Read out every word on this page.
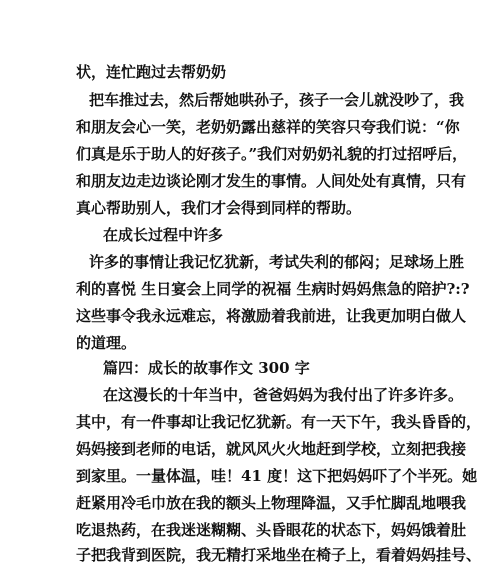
状，连忙跑过去帮奶奶
把车推过去，然后帮她哄孙子，孩子一会儿就没吵了，我
和朋友会心一笑，老奶奶露出慈祥的笑容只夸我们说：“你
们真是乐于助人的好孩子。”我们对奶奶礼貌的打过招呼后，
和朋友边走边谈论刚才发生的事情。人间处处有真情，只有
真心帮助别人，我们才会得到同样的帮助。
在成长过程中许多
许多的事情让我记忆犹新，考试失利的郁闷；足球场上胜
利的喜悦 生日宴会上同学的祝福 生病时妈妈焦急的陪护?:?
这些事令我永远难忘，将激励着我前进，让我更加明白做人
的道理。
篇四：成长的故事作文 300 字
在这漫长的十年当中，爸爸妈妈为我付出了许多许多。
其中，有一件事却让我记忆犹新。有一天下午，我头昏昏的，
妈妈接到老师的电话，就风风火火地赶到学校，立刻把我接
到家里。一量体温，哇！41 度！这下把妈妈吓了个半死。她
赶紧用冷毛巾放在我的额头上物理降温，又手忙脚乱地喂我
吃退热药，在我迷迷糊糊、头昏眼花的状态下，妈妈饿着肚
子把我背到医院，我无精打采地坐在椅子上，看着妈妈挂号、
